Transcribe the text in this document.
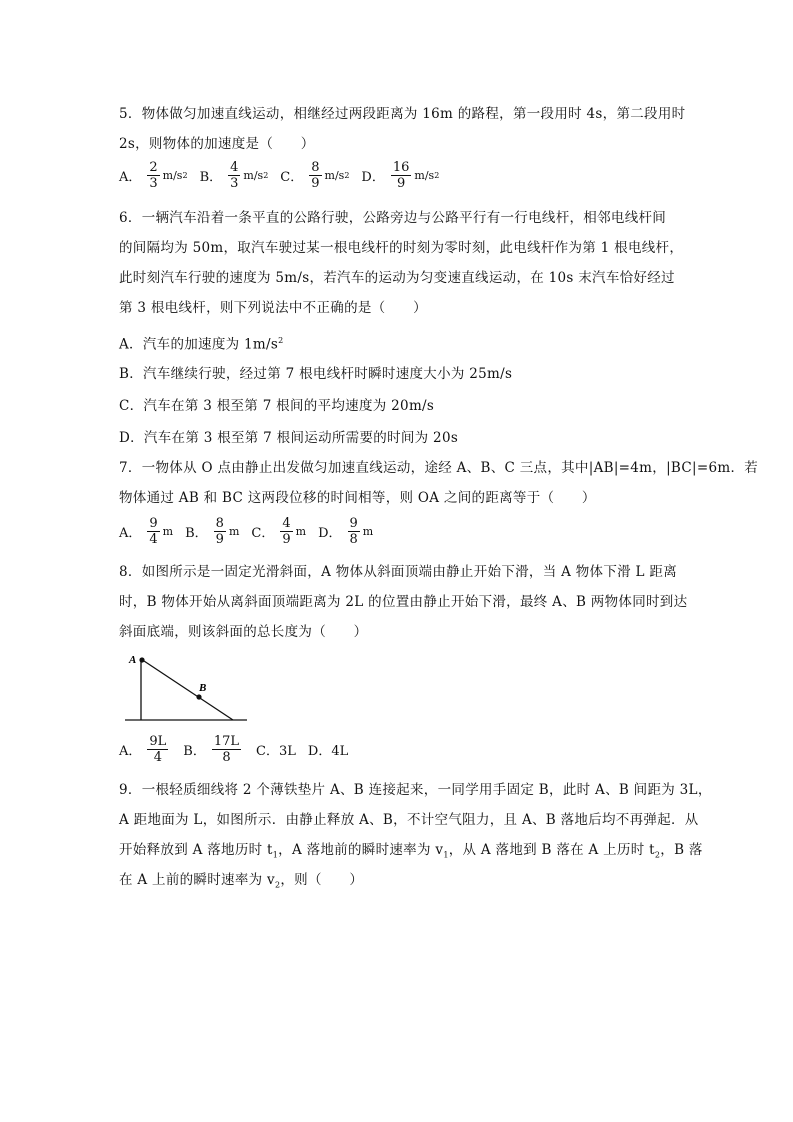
5．物体做匀加速直线运动，相继经过两段距离为 16m 的路程，第一段用时 4s，第二段用时
2s，则物体的加速度是（　　）
A． $\frac{2}{3} m/s$ 2 B． $\frac{4}{3} m/s$ 2 C． $\frac{8}{9} m/s$ 2 D． $\frac{16}{9} m/s$ 2
6．一辆汽车沿着一条平直的公路行驶，公路旁边与公路平行有一行电线杆，相邻电线杆间
的间隔均为 50m，取汽车驶过某一根电线杆的时刻为零时刻，此电线杆作为第 1 根电线杆，
此时刻汽车行驶的速度为 5m/s，若汽车的运动为匀变速直线运动，在 10s 末汽车恰好经过
第 3 根电线杆，则下列说法中不正确的是（　　）
A．汽车的加速度为 $1m/s^2$
B．汽车继续行驶，经过第 7 根电线杆时瞬时速度大小为 25m/s
C．汽车在第 3 根至第 7 根间的平均速度为 20m/s
D．汽车在第 3 根至第 7 根间运动所需要的时间为 20s
7．一物体从 O 点由静止出发做匀加速直线运动，途经 A、B、C 三点，其中|AB|=4m，|BC|=6m．若
物体通过 AB 和 BC 这两段位移的时间相等，则 OA 之间的距离等于（　　）
A． $\frac{9}{4}$ m B． $\frac{8}{9}$ m C． $\frac{4}{9}$ m D． $\frac{9}{8}$ m
8．如图所示是一固定光滑斜面，A 物体从斜面顶端由静止开始下滑，当 A 物体下滑 L 距离
时，B 物体开始从离斜面顶端距离为 2L 的位置由静止开始下滑，最终 A、B 两物体同时到达
斜面底端，则该斜面的总长度为（　　）
A
B
A． $\frac{9L}{4}$ B． $\frac{17L}{8}$ C．3L D．4L
9．一根轻质细线将 2 个薄铁垫片 A、B 连接起来，一同学用手固定 B，此时 A、B 间距为 3L，
A 距地面为 L，如图所示．由静止释放 A、B，不计空气阻力，且 A、B 落地后均不再弹起．从
开始释放到 A 落地历时 $t_1$，A 落地前的瞬时速率为 $v_1$，从 A 落地到 B 落在 A 上历时 $t_2$，B 落
在 A 上前的瞬时速率为 $v_2$，则（　　）
